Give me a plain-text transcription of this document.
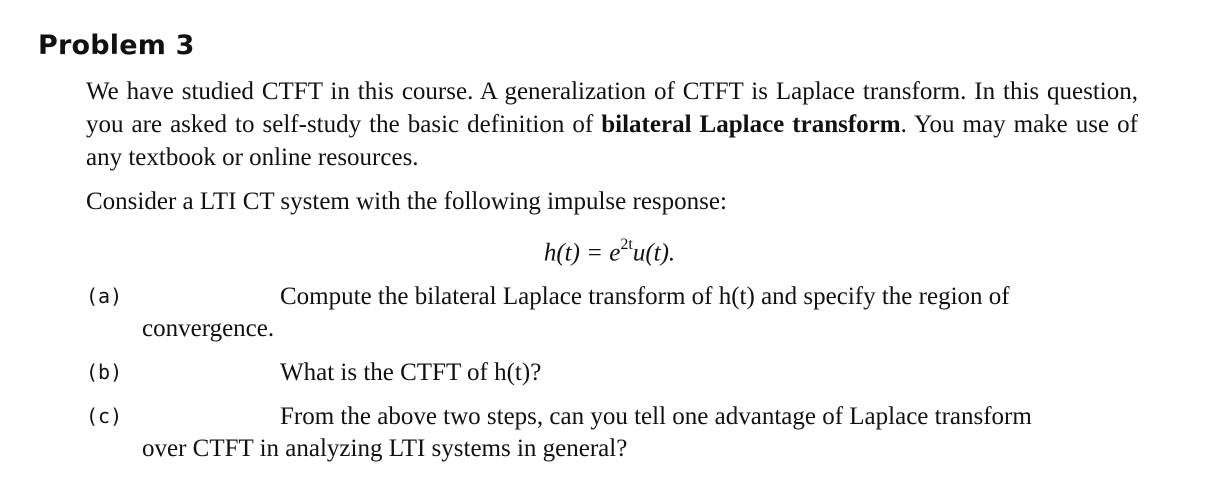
Problem 3
We have studied CTFT in this course. A generalization of CTFT is Laplace transform. In this question, you are asked to self-study the basic definition of bilateral Laplace transform. You may make use of any textbook or online resources.
Consider a LTI CT system with the following impulse response:
$h(t) = e^{2t}u(t)$.
(a)	Compute the bilateral Laplace transform of h(t) and specify the region of
convergence.
(b)	What is the CTFT of h(t)?
(c)	From the above two steps, can you tell one advantage of Laplace transform
over CTFT in analyzing LTI systems in general?
